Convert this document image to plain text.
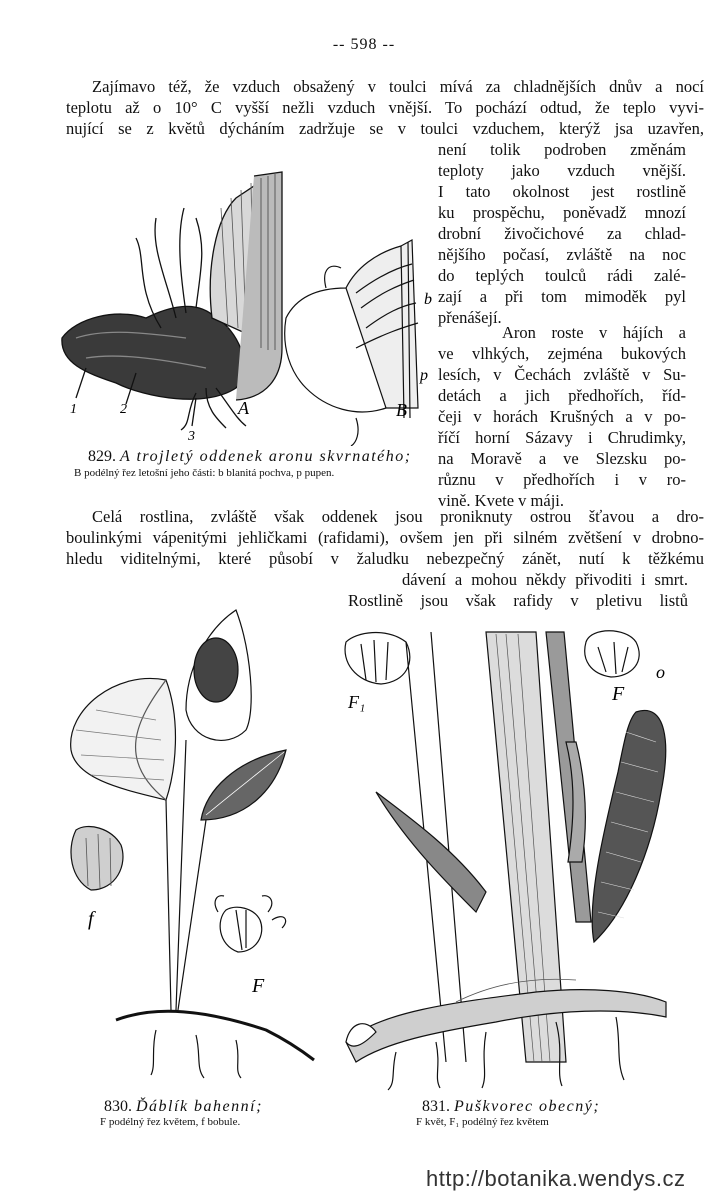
-- 598 --
Zajímavo též, že vzduch obsažený v toulci mívá za chladnějších dnův a nocí
teplotu až o 10° C vyšší nežli vzduch vnější. To pochází odtud, že teplo vyvi-
nující se z květů dýcháním zadržuje se v toulci vzduchem, kterýž jsa uzavřen,
není tolik podroben změnám
teploty jako vzduch vnější.
I tato okolnost jest rostlině
ku prospěchu, poněvadž mnozí
drobní živočichové za chlad-
nějšího počasí, zvláště na noc
do teplých toulců rádi zalé-
zají a při tom mimoděk pyl
přenášejí.
Aron roste v hájích a
ve vlhkých, zejména bukových
lesích, v Čechách zvláště v Su-
detách a jich předhořích, říd-
čeji v horách Krušných a v po-
říčí horní Sázavy i Chrudimky,
na Moravě a ve Slezsku po-
různu v předhořích i v ro-
vině. Kvete v máji.
829. A trojletý oddenek aronu skvrnatého;
B podélný řez letošní jeho části: b blanitá pochva, p pupen.
Celá rostlina, zvláště však oddenek jsou proniknuty ostrou šťavou a dro-
boulinkými vápenitými jehličkami (rafidami), ovšem jen při silném zvětšení v drobno-
hledu viditelnými, které působí v žaludku nebezpečný zánět, nutí k těžkému
dávení a mohou někdy přivoditi i smrt.
Rostlině jsou však rafidy v pletivu listů
1	2
3
A
b
p
B
f
F
830. Ďáblík bahenní;
F podélný řez květem, f bobule.
F₁	F
o
831. Puškvorec obecný;
F květ, F₁ podélný řez květem
http://botanika.wendys.cz
